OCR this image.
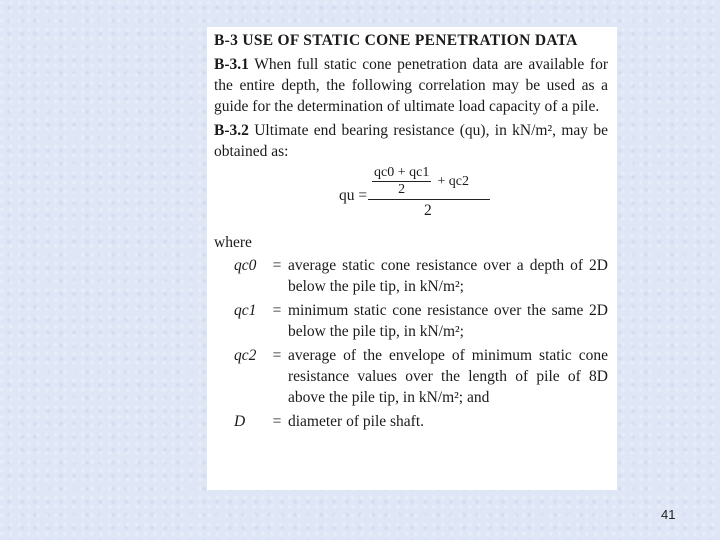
B-3 USE OF STATIC CONE PENETRATION DATA

B-3.1 When full static cone penetration data are available for the entire depth, the following correlation may be used as a guide for the determination of ultimate load capacity of a pile.

B-3.2 Ultimate end bearing resistance (qu), in kN/m², may be obtained as:

qu = $\frac{qc0 + qc1}{2} + qc2$
2
where
qc0	=	average static cone resistance over a depth of 2D below the pile tip, in kN/m²;
qc1	=	minimum static cone resistance over the same 2D below the pile tip, in kN/m²;
qc2	=	average of the envelope of minimum static cone resistance values over the length of pile of 8D above the pile tip, in kN/m²; and
D	=	diameter of pile shaft.
41
